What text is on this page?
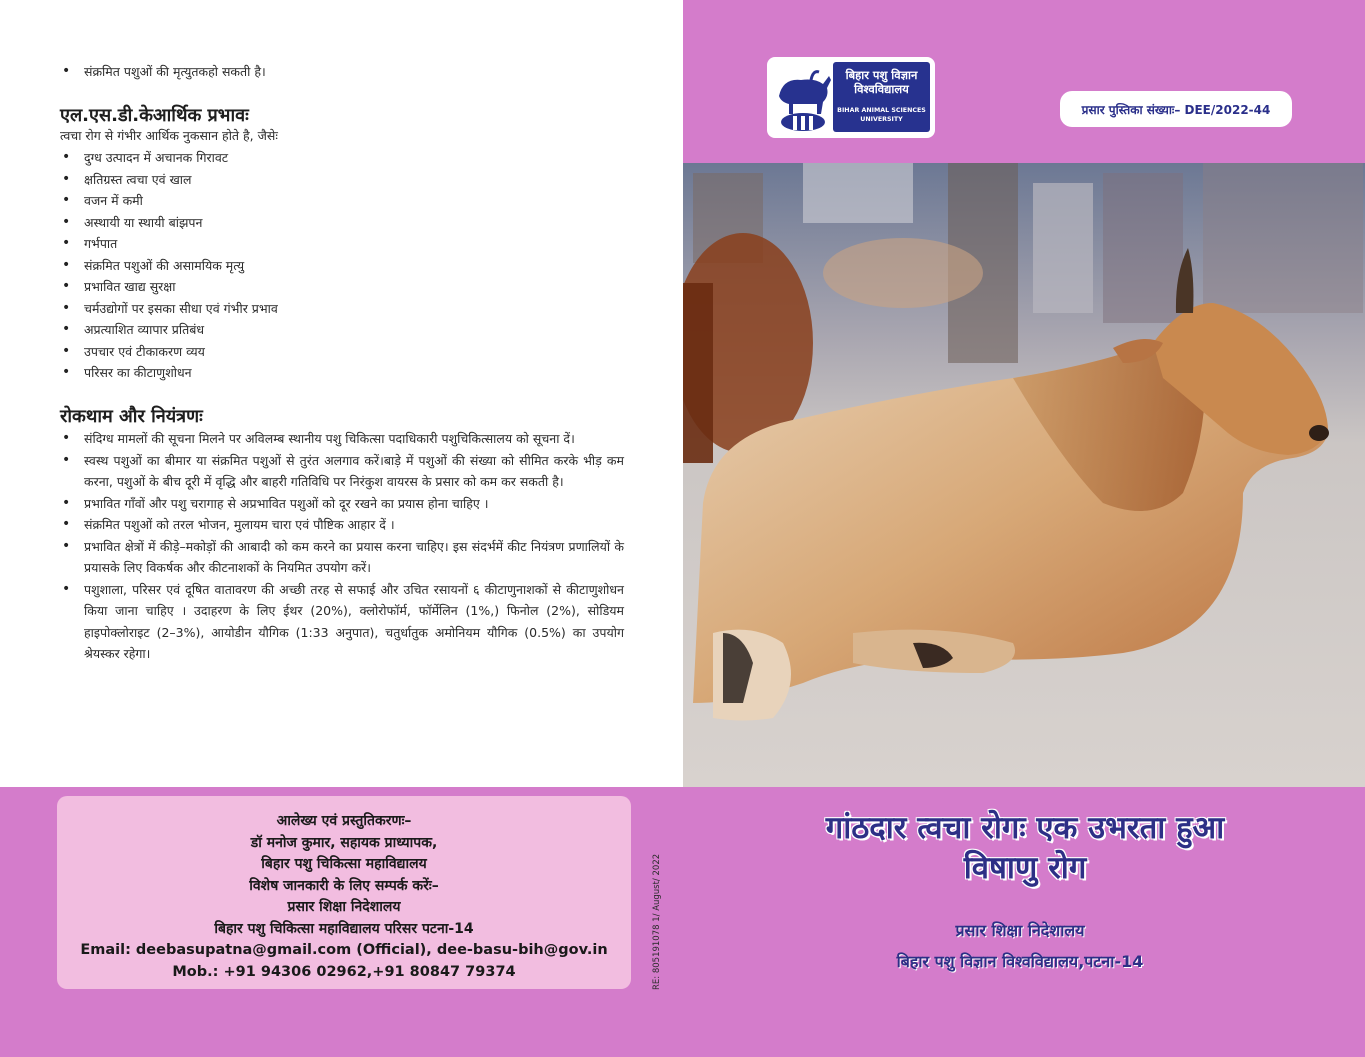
• संक्रमित पशुओं की मृत्युतकहो सकती है।
एल.एस.डी.केआर्थिक प्रभावः

त्वचा रोग से गंभीर आर्थिक नुकसान होते है, जैसेः

• दुग्ध उत्पादन में अचानक गिरावट
• क्षतिग्रस्त त्वचा एवं खाल
• वजन में कमी
• अस्थायी या स्थायी बांझपन
• गर्भपात
• संक्रमित पशुओं की असामयिक मृत्यु
• प्रभावित खाद्य सुरक्षा
• चर्मउद्योगों पर इसका सीधा एवं गंभीर प्रभाव
• अप्रत्याशित व्यापार प्रतिबंध
• उपचार एवं टीकाकरण व्यय
• परिसर का कीटाणुशोधन
रोकथाम और नियंत्रणः
• संदिग्ध मामलों की सूचना मिलने पर अविलम्ब स्थानीय पशु चिकित्सा पदाधिकारी पशुचिकित्सालय को सूचना दें।
• स्वस्थ पशुओं का बीमार या संक्रमित पशुओं से तुरंत अलगाव करें।बाड़े में पशुओं की संख्या को सीमित करके भीड़ कम करना, पशुओं के बीच दूरी में वृद्धि और बाहरी गतिविधि पर निरंकुश वायरस के प्रसार को कम कर सकती है।
• प्रभावित गाँवों और पशु चरागाह से अप्रभावित पशुओं को दूर रखने का प्रयास होना चाहिए ।
• संक्रमित पशुओं को तरल भोजन, मुलायम चारा एवं पौष्टिक आहार दें ।
• प्रभावित क्षेत्रों में कीड़े–मकोड़ों की आबादी को कम करने का प्रयास करना चाहिए। इस संदर्भमें कीट नियंत्रण प्रणालियों के प्रयासके लिए विकर्षक और कीटनाशकों के नियमित उपयोग करें।
• पशुशाला, परिसर एवं दूषित वातावरण की अच्छी तरह से सफाई और उचित रसायनों ६ कीटाणुनाशकों से कीटाणुशोधन किया जाना चाहिए । उदाहरण के लिए ईथर (20%), क्लोरोफॉर्म, फॉर्मेलिन (1%,) फिनोल (2%), सोडियम हाइपोक्लोराइट (2–3%), आयोडीन यौगिक (1:33 अनुपात), चतुर्धातुक अमोनियम यौगिक (0.5%) का उपयोग श्रेयस्कर रहेगा।
बिहार पशु विज्ञान
विश्वविद्यालय
BIHAR ANIMAL SCIENCES
UNIVERSITY
प्रसार पुस्तिका संख्याः– DEE/2022-44
आलेख्य एवं प्रस्तुतिकरणः–
डॉ मनोज कुमार, सहायक प्राध्यापक,
बिहार पशु चिकित्सा महाविद्यालय
विशेष जानकारी के लिए सम्पर्क करेंः–
प्रसार शिक्षा निदेशालय
बिहार पशु चिकित्सा महाविद्यालय परिसर पटना-14
Email: deebasupatna@gmail.com (Official), dee-basu-bih@gov.in
Mob.: +91 94306 02962,+91 80847 79374	RE: 805191078 1/ August/ 2022
गांठदार त्वचा रोगः एक उभरता हुआ
विषाणु रोग
प्रसार शिक्षा निदेशालय
बिहार पशु विज्ञान विश्वविद्यालय,पटना-14
